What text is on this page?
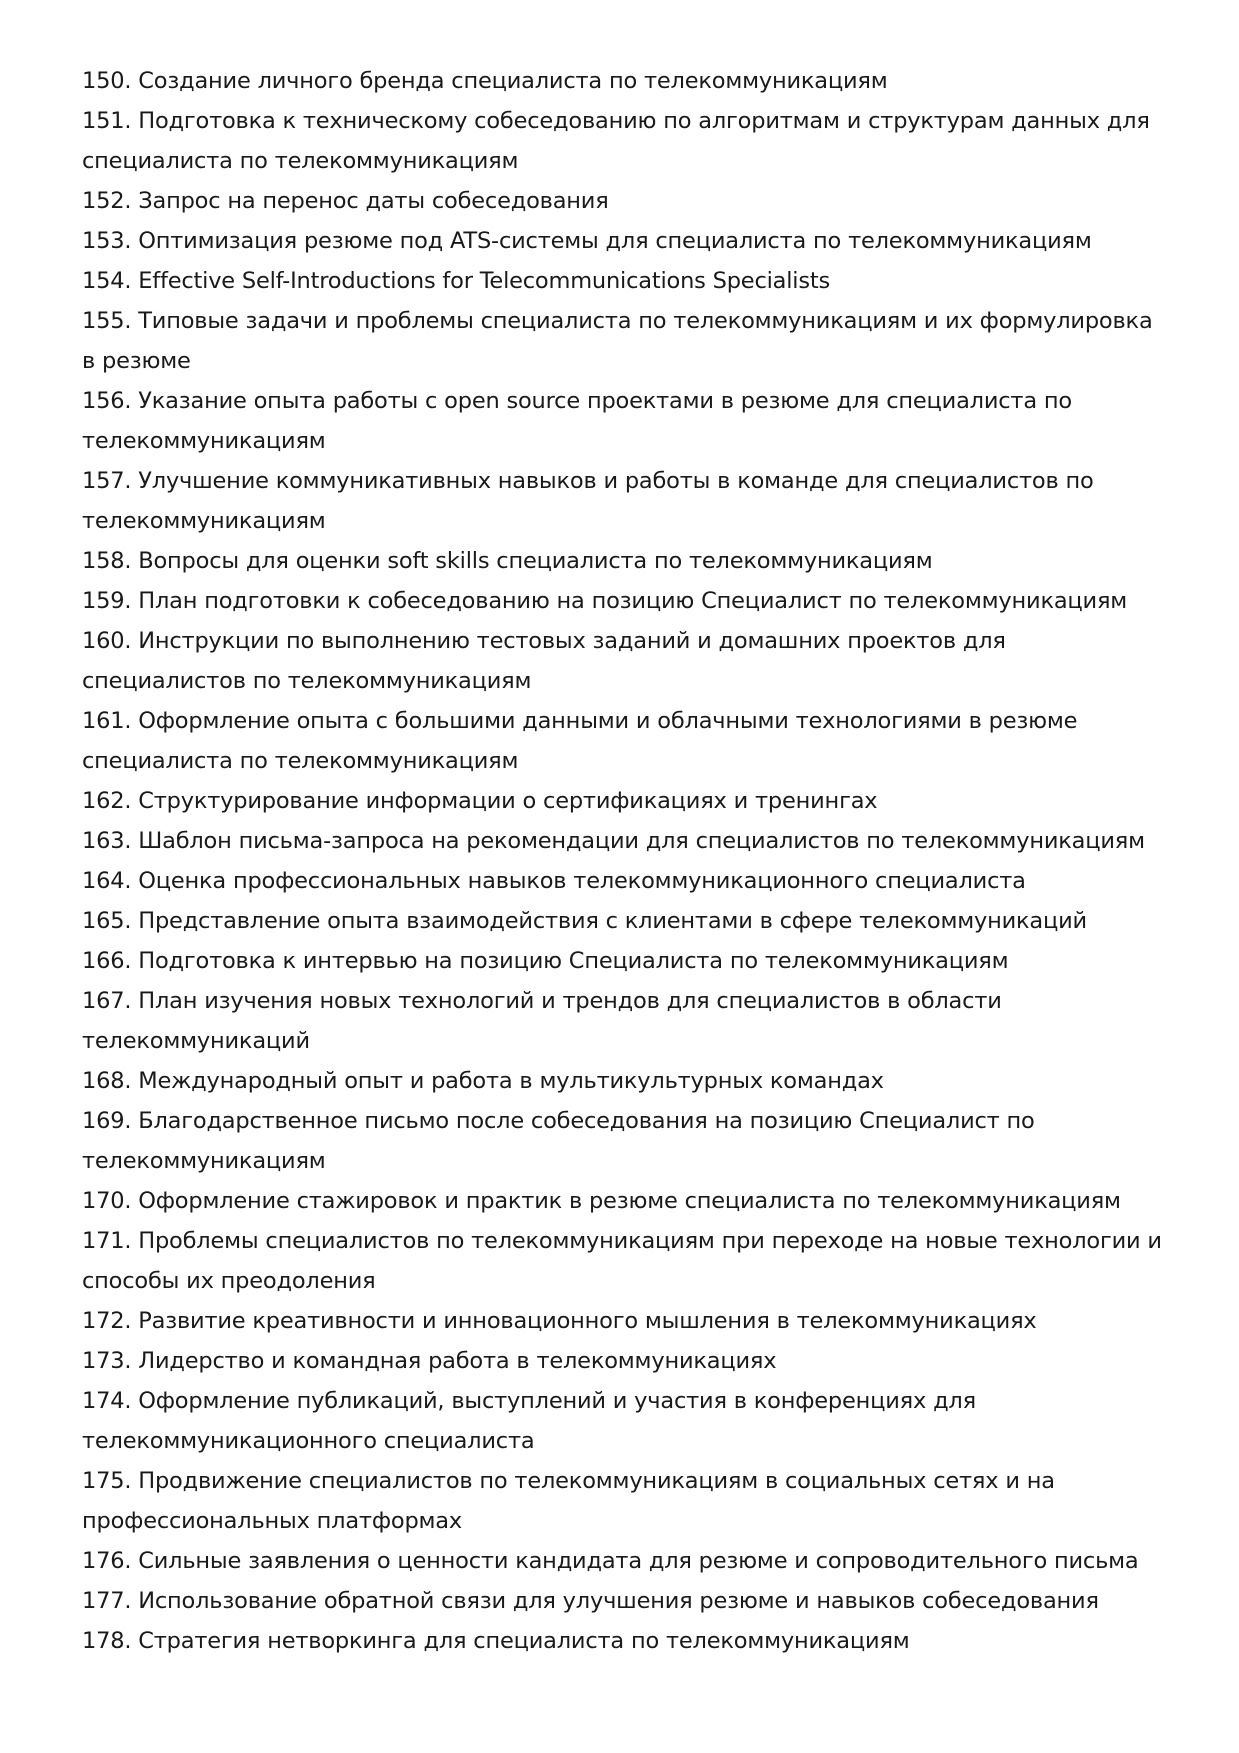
150. Создание личного бренда специалиста по телекоммуникациям
151. Подготовка к техническому собеседованию по алгоритмам и структурам данных для специалиста по телекоммуникациям
152. Запрос на перенос даты собеседования
153. Оптимизация резюме под ATS-системы для специалиста по телекоммуникациям
154. Effective Self-Introductions for Telecommunications Specialists
155. Типовые задачи и проблемы специалиста по телекоммуникациям и их формулировка в резюме
156. Указание опыта работы с open source проектами в резюме для специалиста по телекоммуникациям
157. Улучшение коммуникативных навыков и работы в команде для специалистов по телекоммуникациям
158. Вопросы для оценки soft skills специалиста по телекоммуникациям
159. План подготовки к собеседованию на позицию Специалист по телекоммуникациям
160. Инструкции по выполнению тестовых заданий и домашних проектов для специалистов по телекоммуникациям
161. Оформление опыта с большими данными и облачными технологиями в резюме специалиста по телекоммуникациям
162. Структурирование информации о сертификациях и тренингах
163. Шаблон письма-запроса на рекомендации для специалистов по телекоммуникациям
164. Оценка профессиональных навыков телекоммуникационного специалиста
165. Представление опыта взаимодействия с клиентами в сфере телекоммуникаций
166. Подготовка к интервью на позицию Специалиста по телекоммуникациям
167. План изучения новых технологий и трендов для специалистов в области телекоммуникаций
168. Международный опыт и работа в мультикультурных командах
169. Благодарственное письмо после собеседования на позицию Специалист по телекоммуникациям
170. Оформление стажировок и практик в резюме специалиста по телекоммуникациям
171. Проблемы специалистов по телекоммуникациям при переходе на новые технологии и способы их преодоления
172. Развитие креативности и инновационного мышления в телекоммуникациях
173. Лидерство и командная работа в телекоммуникациях
174. Оформление публикаций, выступлений и участия в конференциях для телекоммуникационного специалиста
175. Продвижение специалистов по телекоммуникациям в социальных сетях и на профессиональных платформах
176. Сильные заявления о ценности кандидата для резюме и сопроводительного письма
177. Использование обратной связи для улучшения резюме и навыков собеседования
178. Стратегия нетворкинга для специалиста по телекоммуникациям
